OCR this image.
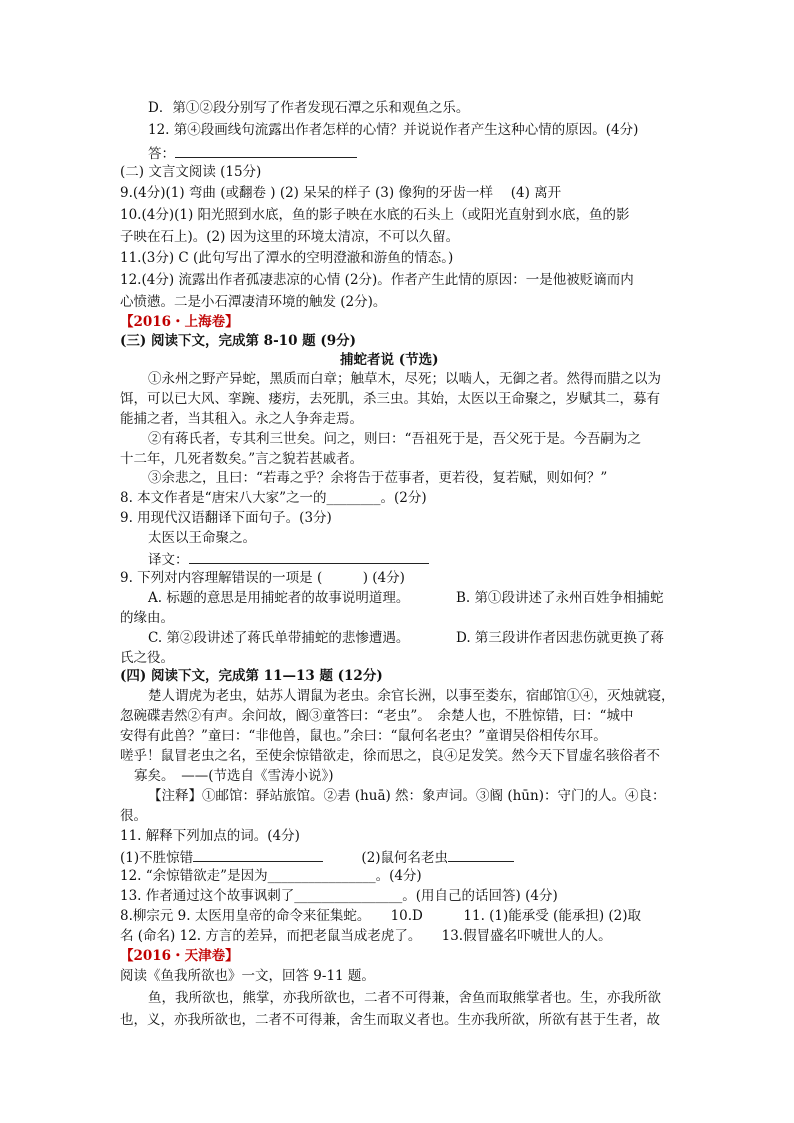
D．第①②段分别写了作者发现石潭之乐和观鱼之乐。
12. 第④段画线句流露出作者怎样的心情？并说说作者产生这种心情的原因。(4分)
答：
(二) 文言文阅读 (15分)
9.(4分)(1) 弯曲 (或翻卷 ) (2) 呆呆的样子 (3) 像狗的牙齿一样　 (4) 离开
10.(4分)(1) 阳光照到水底，鱼的影子映在水底的石头上（或阳光直射到水底，鱼的影
子映在石上)。(2) 因为这里的环境太清凉，不可以久留。
11.(3分) C (此句写出了潭水的空明澄澈和游鱼的情态。)
12.(4分) 流露出作者孤凄悲凉的心情 (2分)。作者产生此情的原因：一是他被贬谪而内
心愤懑。二是小石潭凄清环境的触发 (2分)。
【2016・上海卷】
(三) 阅读下文，完成第 8-10 题 (9分)
捕蛇者说 (节选)
①永州之野产异蛇，黑质而白章；触草木，尽死；以啮人，无御之者。然得而腊之以为
饵，可以已大风、挛踠、瘘疠，去死肌，杀三虫。其始，太医以王命聚之，岁赋其二，募有
能捕之者，当其租入。永之人争奔走焉。
②有蒋氏者，专其利三世矣。问之，则曰：“吾祖死于是，吾父死于是。今吾嗣为之
十二年，几死者数矣。”言之貌若甚戚者。
③余悲之，且曰：“若毒之乎？余将告于莅事者，更若役，复若赋，则如何？”
8. 本文作者是“唐宋八大家”之一的________。(2分)
9. 用现代汉语翻译下面句子。(3分)
太医以王命聚之。
译文：
9. 下列对内容理解错误的一项是 (　　　) (4分)
A. 标题的意思是用捕蛇者的故事说明道理。	B. 第①段讲述了永州百姓争相捕蛇
的缘由。
C. 第②段讲述了蒋氏单带捕蛇的悲惨遭遇。	D. 第三段讲作者因悲伤就更换了蒋
氏之役。
(四) 阅读下文，完成第 11—13 题 (12分)
楚人谓虎为老虫，姑苏人谓鼠为老虫。余官长洲，以事至娄东，宿邮馆①④，灭烛就寝，
忽碗碟砉然②有声。余问故，阍③童答曰：“老虫”。　余楚人也，不胜惊错，曰：“城中
安得有此兽？”童曰：“非他兽，鼠也。”余曰：“鼠何名老虫？”童谓吴俗相传尔耳。
嗟乎！鼠冒老虫之名，至使余惊错欲走，徐而思之，良④足发笑。然今天下冒虚名骇俗者不
寡矣。　——(节选自《雪涛小说》)
【注释】①邮馆：驿站旅馆。②砉 (huā) 然：象声词。③阍 (hūn)：守门的人。④良：
很。
11. 解释下列加点的词。(4分)
(1)不胜惊错	(2)鼠何名老虫
12. “余惊错欲走”是因为________________。(4分)
13. 作者通过这个故事讽刺了________________。(用自己的话回答) (4分)
8.柳宗元 9. 太医用皇帝的命令来征集蛇。　　10.D　　　11. (1)能承受 (能承担) (2)取
名 (命名) 12. 方言的差异，而把老鼠当成老虎了。　　13.假冒盛名吓唬世人的人。
【2016・天津卷】
阅读《鱼我所欲也》一文，回答 9-11 题。
鱼，我所欲也，熊掌，亦我所欲也，二者不可得兼，舍鱼而取熊掌者也。生，亦我所欲
也，义，亦我所欲也，二者不可得兼，舍生而取义者也。生亦我所欲，所欲有甚于生者，故
